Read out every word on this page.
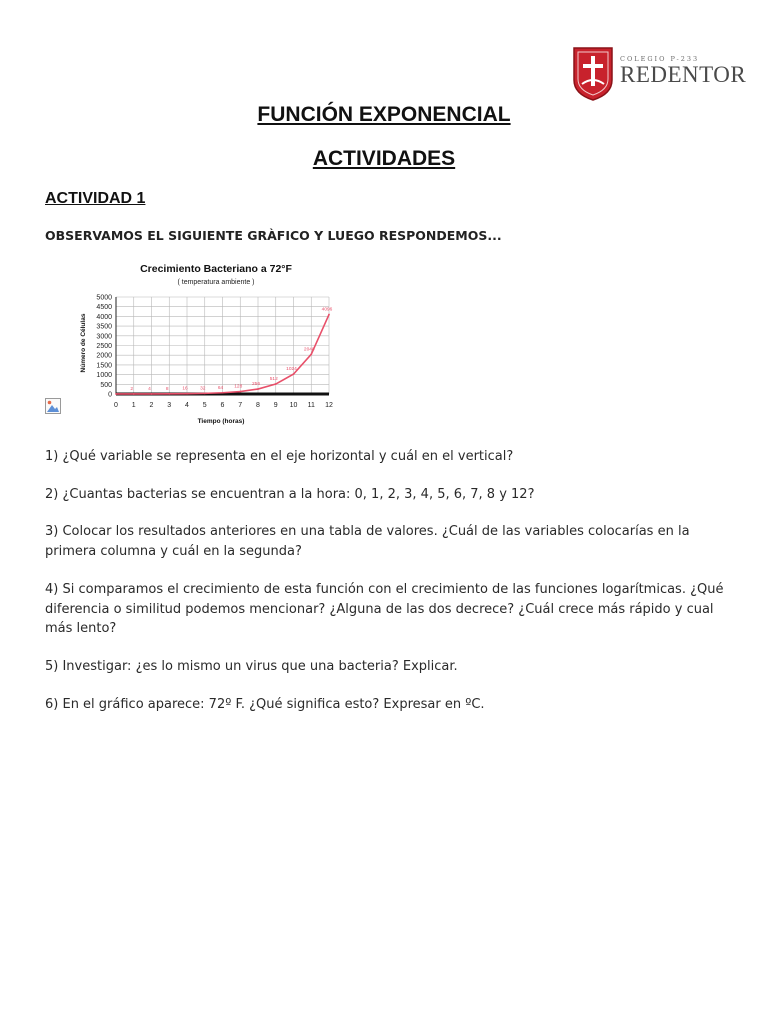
COLEGIO P-233
REDENTOR
FUNCIÓN EXPONENCIAL
ACTIVIDADES
ACTIVIDAD 1
OBSERVAMOS EL SIGUIENTE GRÀFICO Y LUEGO RESPONDEMOS...
Crecimiento Bacteriano a 72°F
( temperatura ambiente )
0
500
1000
1500
2000
2500
3000
3500
4000
4500
5000
0 1 2 3 4 5 6 7 8 9 10 11 12
2	4	8	16	32	64 128 256
512
1024
2048
4096
Número de Células
Tiempo (horas)
1) ¿Qué variable se representa en el eje horizontal y cuál en el vertical?
2) ¿Cuantas bacterias se encuentran a la hora: 0, 1, 2, 3, 4, 5, 6, 7, 8 y 12?
3) Colocar los resultados anteriores en una tabla de valores. ¿Cuál de las variables colocarías en la primera columna y cuál en la segunda?
4) Si comparamos el crecimiento de esta función con el crecimiento de las funciones logarítmicas. ¿Qué diferencia o similitud podemos mencionar? ¿Alguna de las dos decrece? ¿Cuál crece más rápido y cual más lento?
5) Investigar: ¿es lo mismo un virus que una bacteria? Explicar.
6) En el gráfico aparece: 72º F. ¿Qué significa esto? Expresar en ºC.
